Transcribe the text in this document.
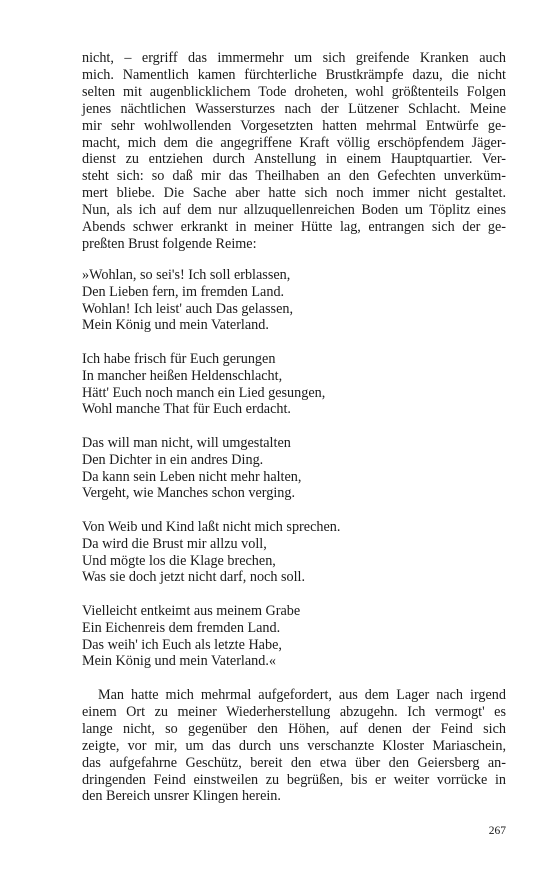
nicht, – ergriff das immermehr um sich greifende Kranken auch
mich. Namentlich kamen fürchterliche Brustkrämpfe dazu, die nicht
selten mit augenblicklichem Tode droheten, wohl größtenteils Folgen
jenes nächtlichen Wassersturzes nach der Lützener Schlacht. Meine
mir sehr wohlwollenden Vorgesetzten hatten mehrmal Entwürfe ge-
macht, mich dem die angegriffene Kraft völlig erschöpfendem Jäger-
dienst zu entziehen durch Anstellung in einem Hauptquartier. Ver-
steht sich: so daß mir das Theilhaben an den Gefechten unverküm-
mert bliebe. Die Sache aber hatte sich noch immer nicht gestaltet.
Nun, als ich auf dem nur allzuquellenreichen Boden um Töplitz eines
Abends schwer erkrankt in meiner Hütte lag, entrangen sich der ge-
preßten Brust folgende Reime:
»Wohlan, so sei's! Ich soll erblassen,
Den Lieben fern, im fremden Land.
Wohlan! Ich leist' auch Das gelassen,
Mein König und mein Vaterland.
Ich habe frisch für Euch gerungen
In mancher heißen Heldenschlacht,
Hätt' Euch noch manch ein Lied gesungen,
Wohl manche That für Euch erdacht.
Das will man nicht, will umgestalten
Den Dichter in ein andres Ding.
Da kann sein Leben nicht mehr halten,
Vergeht, wie Manches schon verging.
Von Weib und Kind laßt nicht mich sprechen.
Da wird die Brust mir allzu voll,
Und mögte los die Klage brechen,
Was sie doch jetzt nicht darf, noch soll.
Vielleicht entkeimt aus meinem Grabe
Ein Eichenreis dem fremden Land.
Das weih' ich Euch als letzte Habe,
Mein König und mein Vaterland.«
Man hatte mich mehrmal aufgefordert, aus dem Lager nach irgend
einem Ort zu meiner Wiederherstellung abzugehn. Ich vermogt' es
lange nicht, so gegenüber den Höhen, auf denen der Feind sich
zeigte, vor mir, um das durch uns verschanzte Kloster Mariaschein,
das aufgefahrne Geschütz, bereit den etwa über den Geiersberg an-
dringenden Feind einstweilen zu begrüßen, bis er weiter vorrücke in
den Bereich unsrer Klingen herein.
267
